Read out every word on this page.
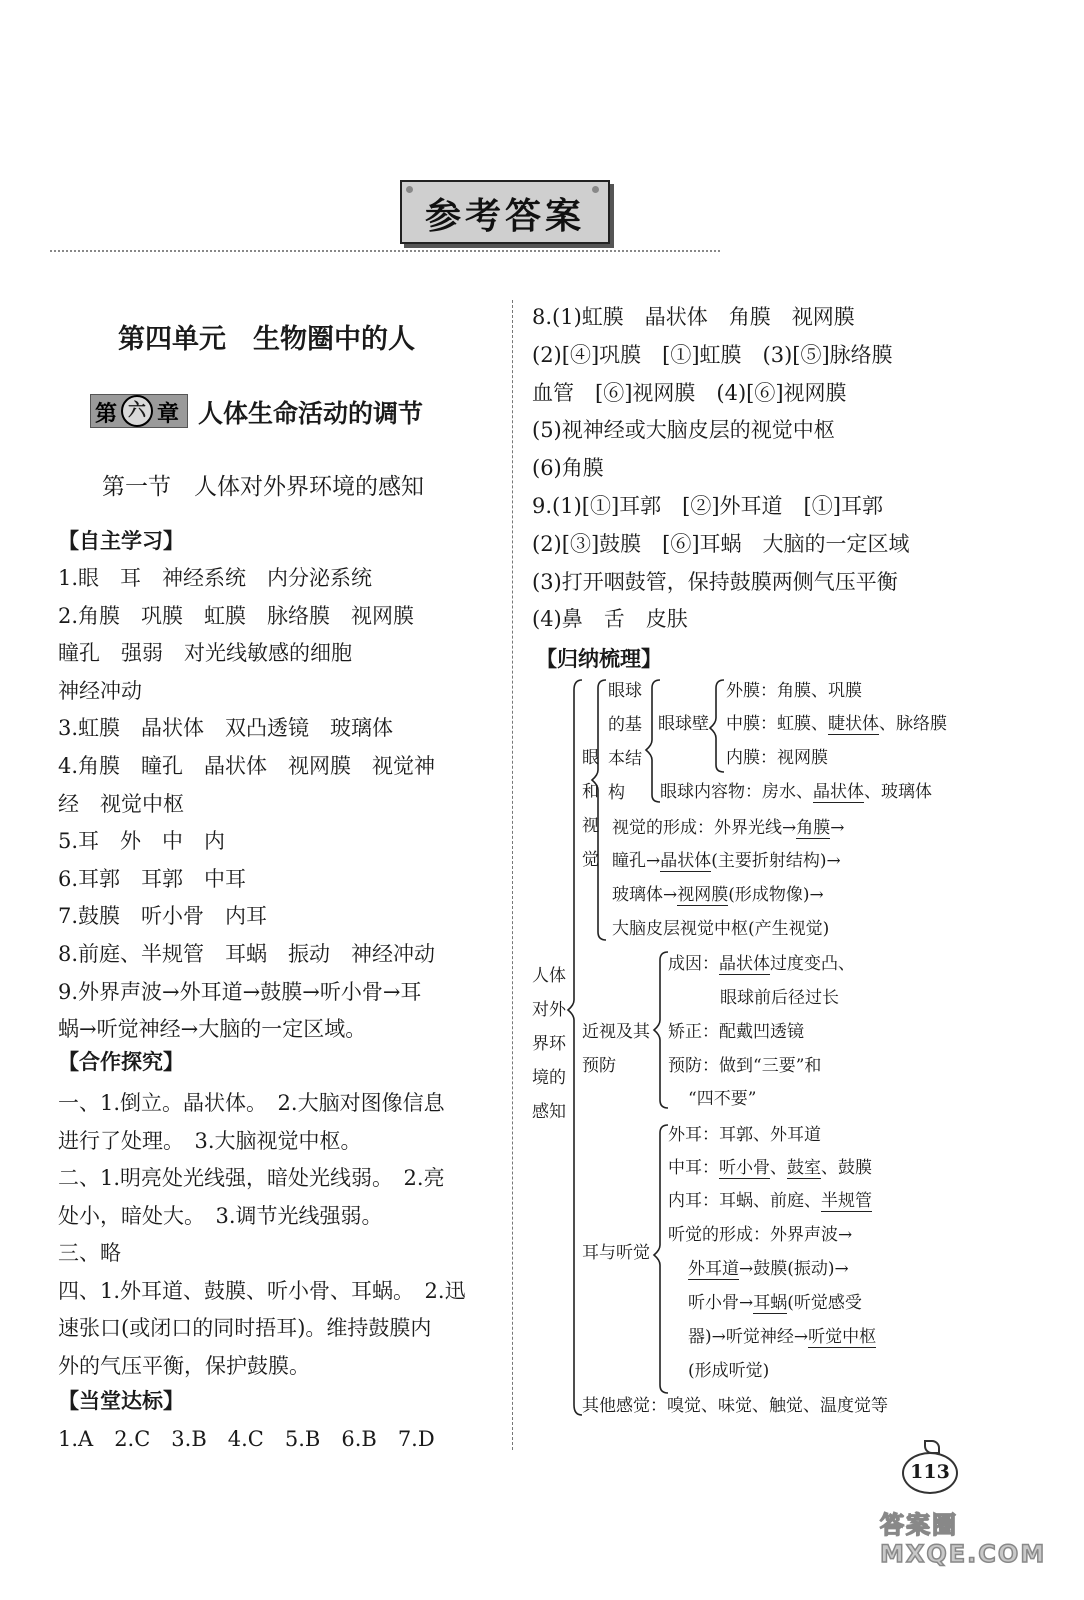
参考答案
第四单元　生物圈中的人
第 六 章 人体生命活动的调节
第一节　人体对外界环境的感知
【自主学习】
1.眼　耳　神经系统　内分泌系统
2.角膜　巩膜　虹膜　脉络膜　视网膜
瞳孔　强弱　对光线敏感的细胞
神经冲动
3.虹膜　晶状体　双凸透镜　玻璃体
4.角膜　瞳孔　晶状体　视网膜　视觉神
经　视觉中枢
5.耳　外　中　内
6.耳郭　耳郭　中耳
7.鼓膜　听小骨　内耳
8.前庭、半规管　耳蜗　振动　神经冲动
9.外界声波→外耳道→鼓膜→听小骨→耳
蜗→听觉神经→大脑的一定区域。
【合作探究】
一、1.倒立。晶状体。　2.大脑对图像信息
进行了处理。　3.大脑视觉中枢。
二、1.明亮处光线强，暗处光线弱。　2.亮
处小，暗处大。　3.调节光线强弱。
三、略
四、1.外耳道、鼓膜、听小骨、耳蜗。　2.迅
速张口(或闭口的同时捂耳)。维持鼓膜内
外的气压平衡，保护鼓膜。
【当堂达标】
1.A　2.C　3.B　4.C　5.B　6.B　7.D
8.(1)虹膜　晶状体　角膜　视网膜
(2)[④]巩膜　[①]虹膜　(3)[⑤]脉络膜
血管　[⑥]视网膜　(4)[⑥]视网膜
(5)视神经或大脑皮层的视觉中枢
(6)角膜
9.(1)[①]耳郭　[②]外耳道　[①]耳郭
(2)[③]鼓膜　[⑥]耳蜗　大脑的一定区域
(3)打开咽鼓管，保持鼓膜两侧气压平衡
(4)鼻　舌　皮肤
【归纳梳理】
人体
对外
界环
境的
感知
眼
和
视
觉
眼球
的基
本结
构
眼球壁
外膜：角膜、巩膜
中膜：虹膜、睫状体、脉络膜
内膜：视网膜
眼球内容物：房水、晶状体、玻璃体
视觉的形成：外界光线→角膜→
瞳孔→晶状体(主要折射结构)→
玻璃体→视网膜(形成物像)→
大脑皮层视觉中枢(产生视觉)
近视及其
预防
成因：晶状体过度变凸、
眼球前后径过长
矫正：配戴凹透镜
预防：做到“三要”和
“四不要”
耳与听觉
外耳：耳郭、外耳道
中耳：听小骨、鼓室、鼓膜
内耳：耳蜗、前庭、半规管
听觉的形成：外界声波→
外耳道→鼓膜(振动)→
听小骨→耳蜗(听觉感受
器)→听觉神经→听觉中枢
(形成听觉)
其他感觉：嗅觉、味觉、触觉、温度觉等
113
答案圈 MXQE.COM
